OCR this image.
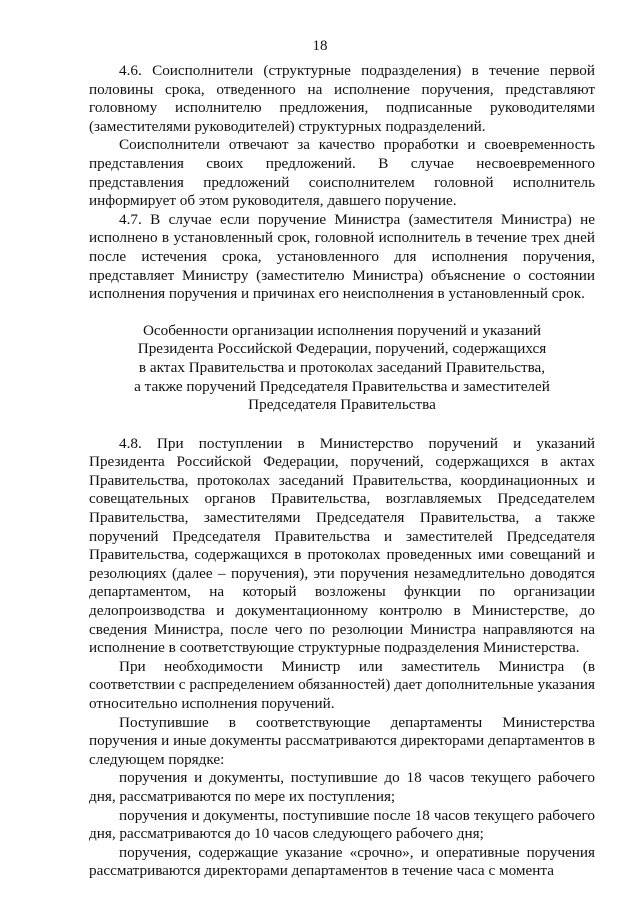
18

4.6. Соисполнители (структурные подразделения) в течение первой половины срока, отведенного на исполнение поручения, представляют головному исполнителю предложения, подписанные руководителями (заместителями руководителей) структурных подразделений.

Соисполнители отвечают за качество проработки и своевременность представления своих предложений. В случае несвоевременного представления предложений соисполнителем головной исполнитель информирует об этом руководителя, давшего поручение.

4.7. В случае если поручение Министра (заместителя Министра) не исполнено в установленный срок, головной исполнитель в течение трех дней после истечения срока, установленного для исполнения поручения, представляет Министру (заместителю Министра) объяснение о состоянии исполнения поручения и причинах его неисполнения в установленный срок.

Особенности организации исполнения поручений и указаний
Президента Российской Федерации, поручений, содержащихся
в актах Правительства и протоколах заседаний Правительства,
а также поручений Председателя Правительства и заместителей
Председателя Правительства

4.8. При поступлении в Министерство поручений и указаний Президента Российской Федерации, поручений, содержащихся в актах Правительства, протоколах заседаний Правительства, координационных и совещательных органов Правительства, возглавляемых Председателем Правительства, заместителями Председателя Правительства, а также поручений Председателя Правительства и заместителей Председателя Правительства, содержащихся в протоколах проведенных ими совещаний и резолюциях (далее – поручения), эти поручения незамедлительно доводятся департаментом, на который возложены функции по организации делопроизводства и документационному контролю в Министерстве, до сведения Министра, после чего по резолюции Министра направляются на исполнение в соответствующие структурные подразделения Министерства.

При необходимости Министр или заместитель Министра (в соответствии с распределением обязанностей) дает дополнительные указания относительно исполнения поручений.

Поступившие в соответствующие департаменты Министерства поручения и иные документы рассматриваются директорами департаментов в следующем порядке:

поручения и документы, поступившие до 18 часов текущего рабочего дня, рассматриваются по мере их поступления;

поручения и документы, поступившие после 18 часов текущего рабочего дня, рассматриваются до 10 часов следующего рабочего дня;

поручения, содержащие указание «срочно», и оперативные поручения рассматриваются директорами департаментов в течение часа с момента
